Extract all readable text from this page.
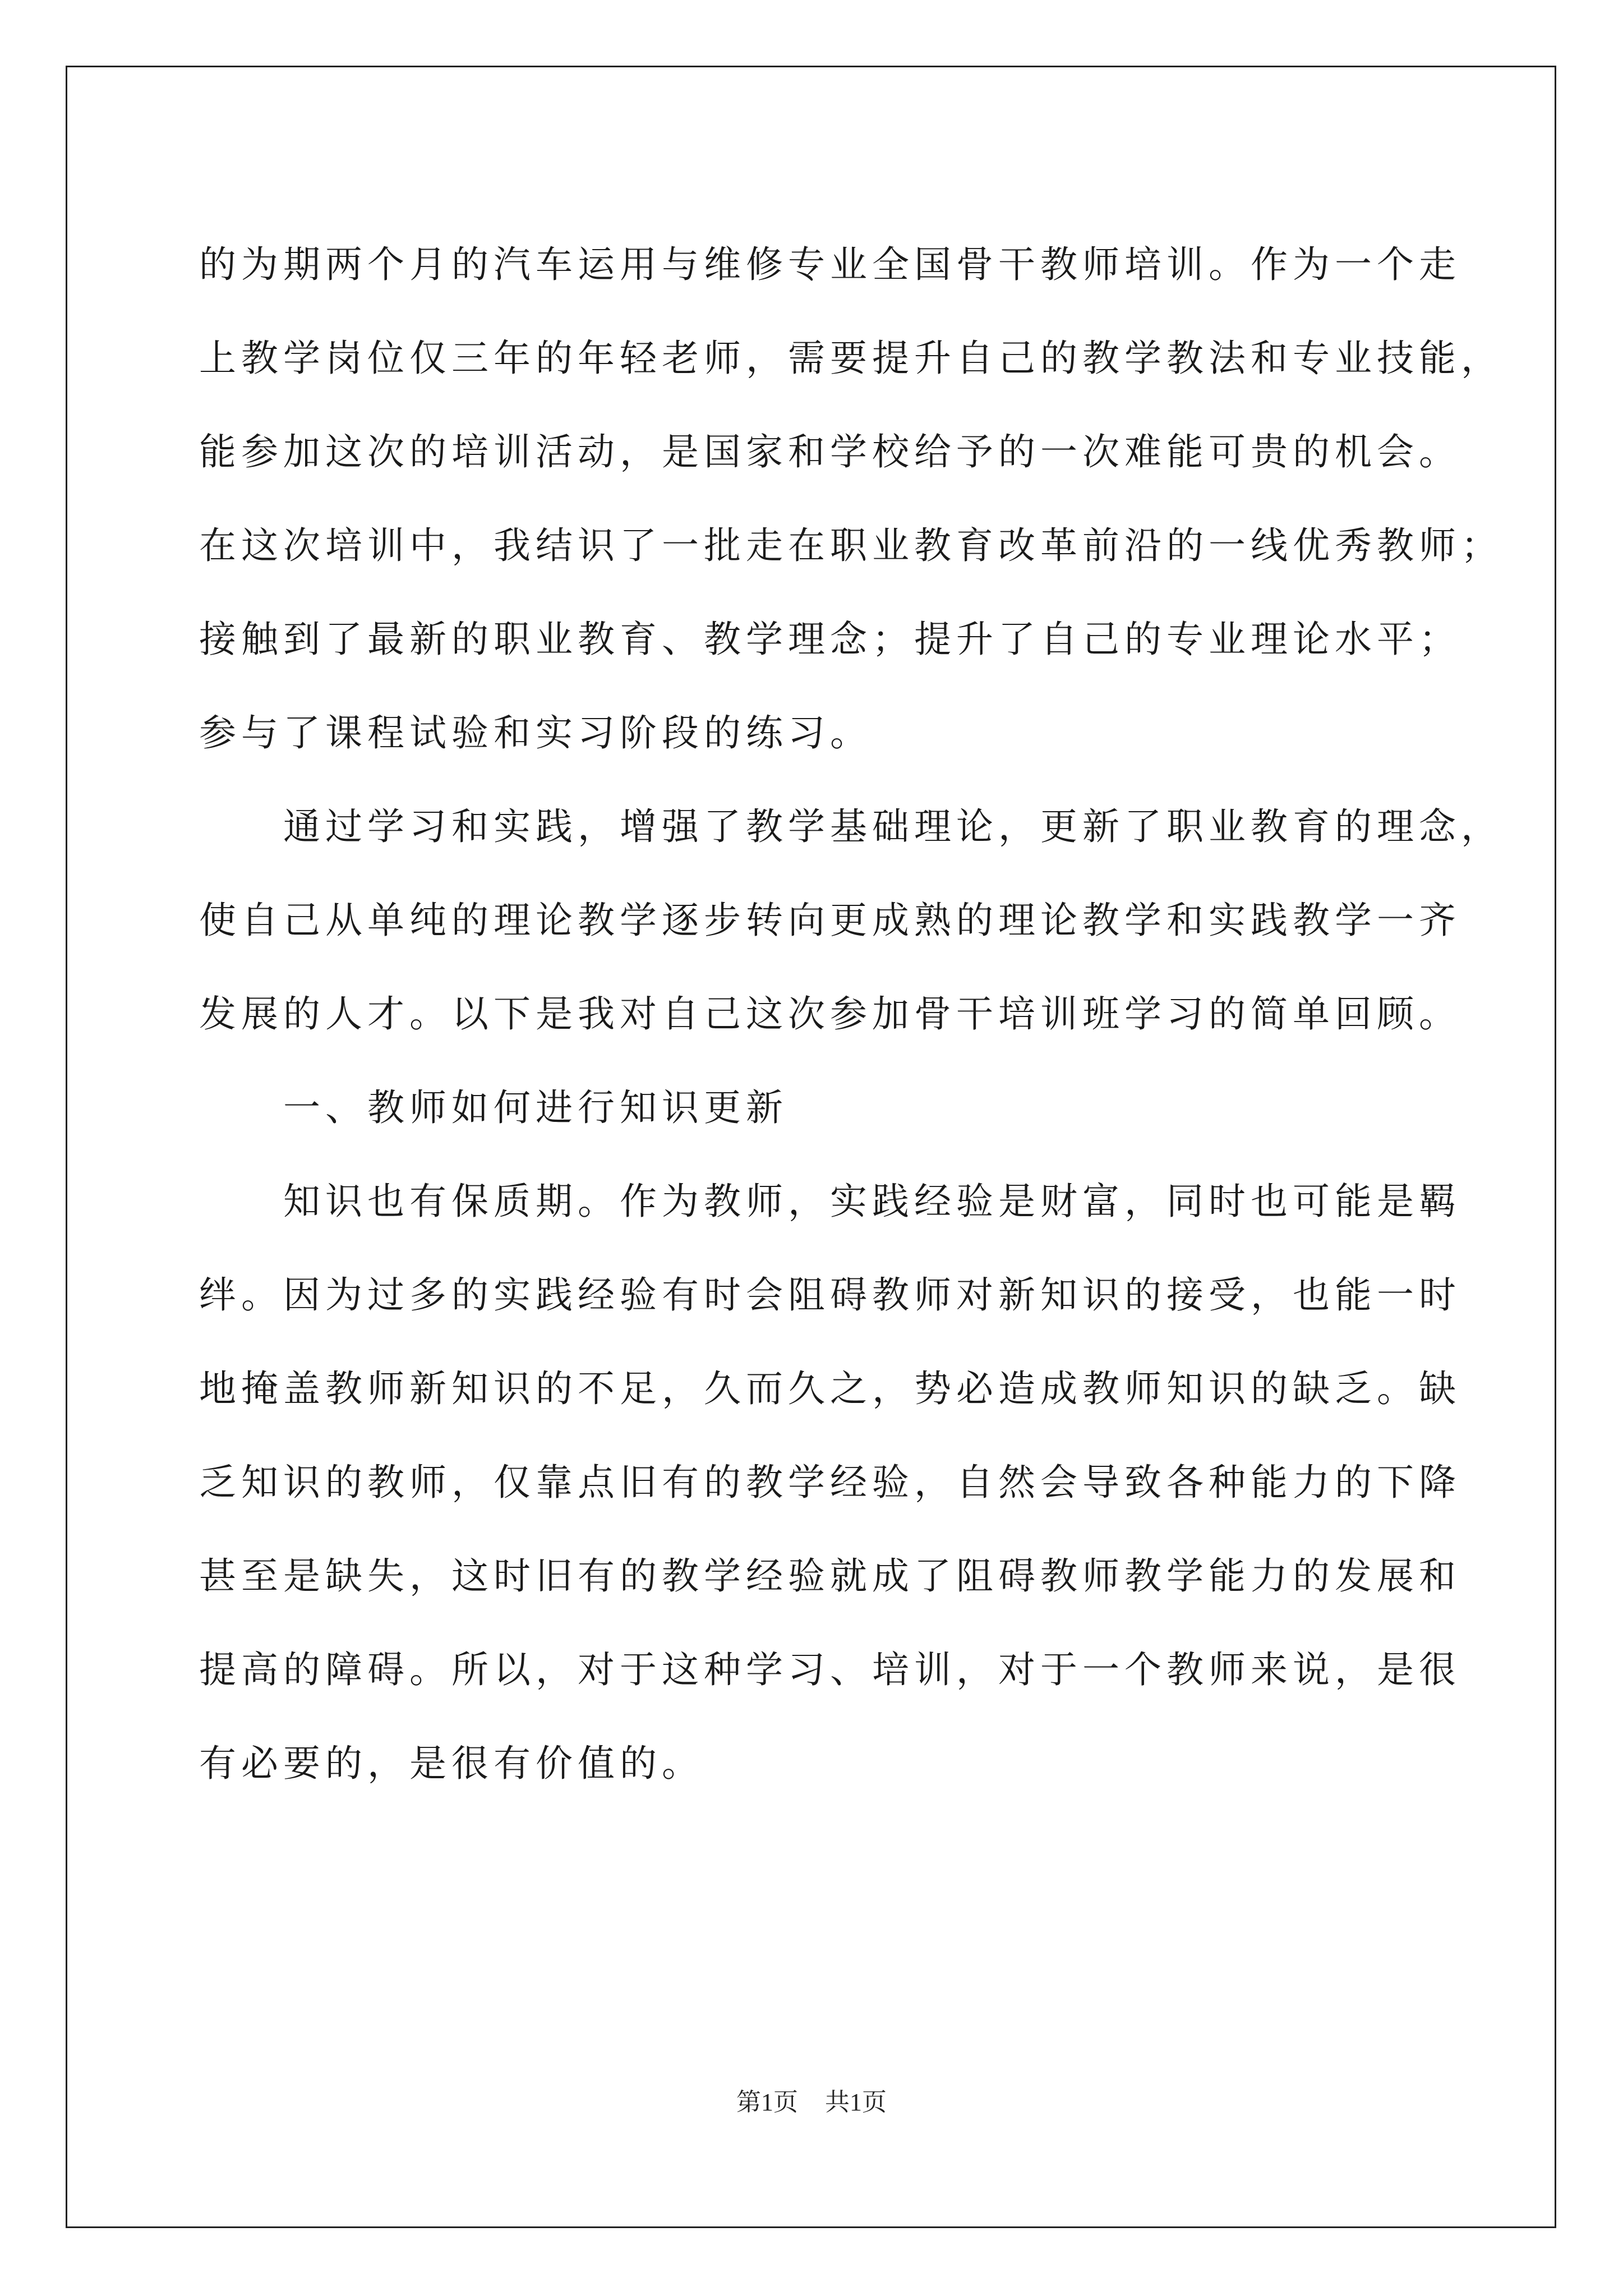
的为期两个月的汽车运用与维修专业全国骨干教师培训。作为一个走
上教学岗位仅三年的年轻老师，需要提升自己的教学教法和专业技能，
能参加这次的培训活动，是国家和学校给予的一次难能可贵的机会。
在这次培训中，我结识了一批走在职业教育改革前沿的一线优秀教师；
接触到了最新的职业教育、教学理念；提升了自己的专业理论水平；
参与了课程试验和实习阶段的练习。
通过学习和实践，增强了教学基础理论，更新了职业教育的理念，
使自己从单纯的理论教学逐步转向更成熟的理论教学和实践教学一齐
发展的人才。以下是我对自己这次参加骨干培训班学习的简单回顾。
一、教师如何进行知识更新
知识也有保质期。作为教师，实践经验是财富，同时也可能是羁
绊。因为过多的实践经验有时会阻碍教师对新知识的接受，也能一时
地掩盖教师新知识的不足，久而久之，势必造成教师知识的缺乏。缺
乏知识的教师，仅靠点旧有的教学经验，自然会导致各种能力的下降
甚至是缺失，这时旧有的教学经验就成了阻碍教师教学能力的发展和
提高的障碍。所以，对于这种学习、培训，对于一个教师来说，是很
有必要的，是很有价值的。
第1页 共1页
